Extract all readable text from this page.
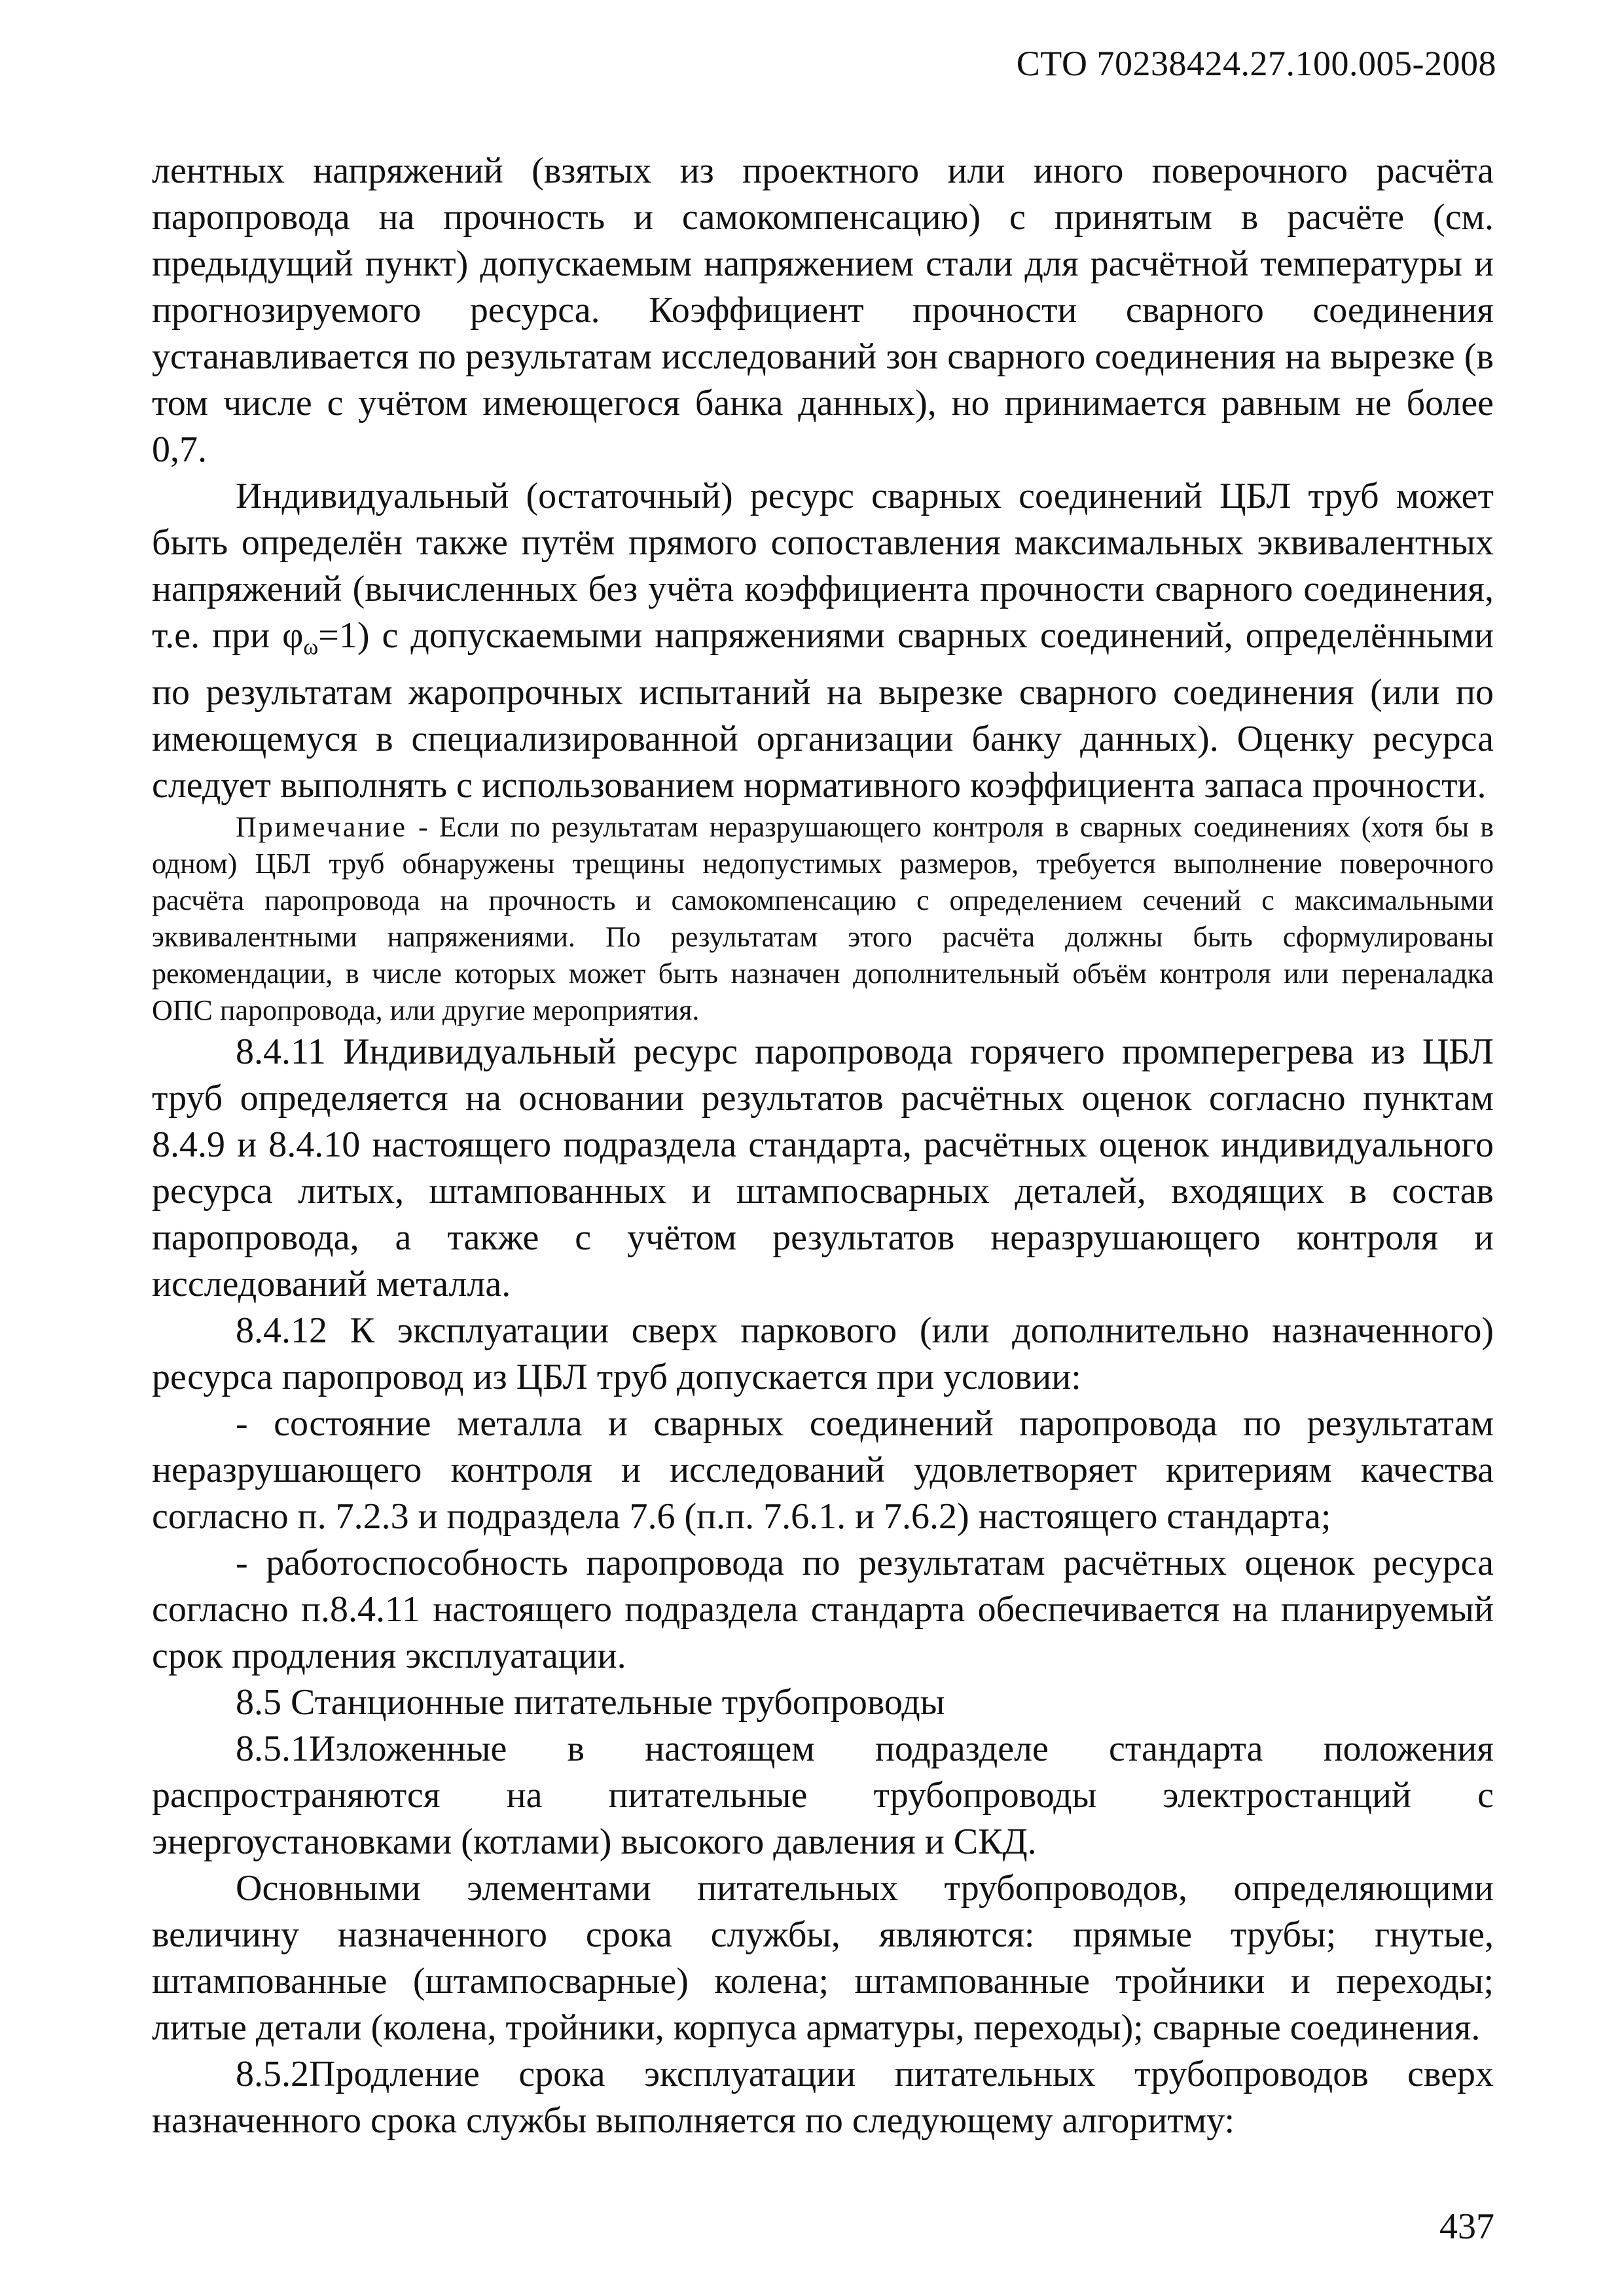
СТО 70238424.27.100.005-2008

лентных напряжений (взятых из проектного или иного поверочного расчёта паропровода на прочность и самокомпенсацию) с принятым в расчёте (см. предыдущий пункт) допускаемым напряжением стали для расчётной температуры и прогнозируемого ресурса. Коэффициент прочности сварного соединения устанавливается по результатам исследований зон сварного соединения на вырезке (в том числе с учётом имеющегося банка данных), но принимается равным не более 0,7.

Индивидуальный (остаточный) ресурс сварных соединений ЦБЛ труб может быть определён также путём прямого сопоставления максимальных эквивалентных напряжений (вычисленных без учёта коэффициента прочности сварного соединения, т.е. при $\varphi_\omega=1$) с допускаемыми напряжениями сварных соединений, определёнными по результатам жаропрочных испытаний на вырезке сварного соединения (или по имеющемуся в специализированной организации банку данных). Оценку ресурса следует выполнять с использованием нормативного коэффициента запаса прочности.

Примечание - Если по результатам неразрушающего контроля в сварных соединениях (хотя бы в одном) ЦБЛ труб обнаружены трещины недопустимых размеров, требуется выполнение поверочного расчёта паропровода на прочность и самокомпенсацию с определением сечений с максимальными эквивалентными напряжениями. По результатам этого расчёта должны быть сформулированы рекомендации, в числе которых может быть назначен дополнительный объём контроля или переналадка ОПС паропровода, или другие мероприятия.

8.4.11 Индивидуальный ресурс паропровода горячего промперегрева из ЦБЛ труб определяется на основании результатов расчётных оценок согласно пунктам 8.4.9 и 8.4.10 настоящего подраздела стандарта, расчётных оценок индивидуального ресурса литых, штампованных и штампосварных деталей, входящих в состав паропровода, а также с учётом результатов неразрушающего контроля и исследований металла.

8.4.12 К эксплуатации сверх паркового (или дополнительно назначенного) ресурса паропровод из ЦБЛ труб допускается при условии:

- состояние металла и сварных соединений паропровода по результатам неразрушающего контроля и исследований удовлетворяет критериям качества согласно п. 7.2.3 и подраздела 7.6 (п.п. 7.6.1. и 7.6.2) настоящего стандарта;

- работоспособность паропровода по результатам расчётных оценок ресурса согласно п.8.4.11 настоящего подраздела стандарта обеспечивается на планируемый срок продления эксплуатации.

8.5 Станционные питательные трубопроводы

8.5.1Изложенные в настоящем подразделе стандарта положения распространяются на питательные трубопроводы электростанций с энергоустановками (котлами) высокого давления и СКД.

Основными элементами питательных трубопроводов, определяющими величину назначенного срока службы, являются: прямые трубы; гнутые, штампованные (штампосварные) колена; штампованные тройники и переходы; литые детали (колена, тройники, корпуса арматуры, переходы); сварные соединения.

8.5.2Продление срока эксплуатации питательных трубопроводов сверх назначенного срока службы выполняется по следующему алгоритму:

437
